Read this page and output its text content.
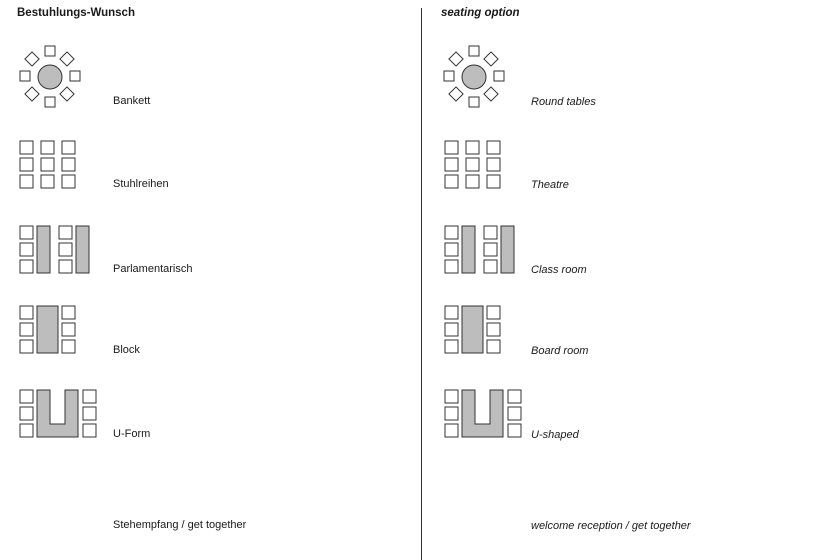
Bestuhlungs-Wunsch
Bankett
Stuhlreihen
Parlamentarisch
Block
U-Form
Stehempfang / get together
seating option
Round tables
Theatre
Class room
Board room
U-shaped
welcome reception / get together
